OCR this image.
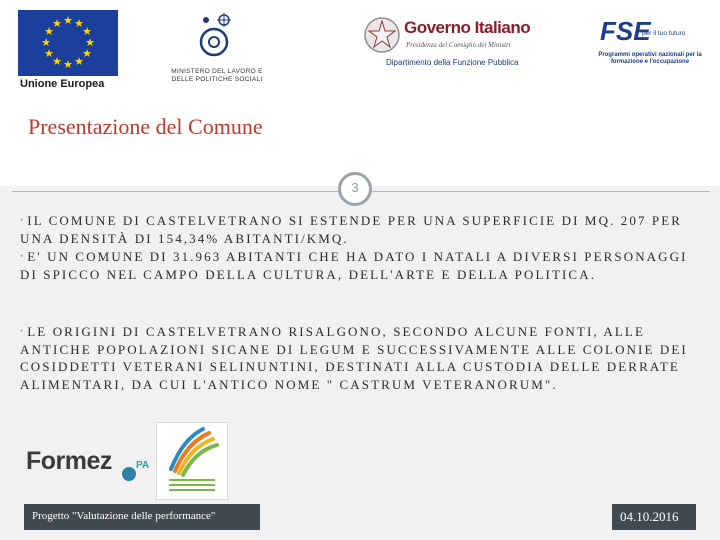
★ ★
★
★
★
★
★
★
★
★
★
★
Unione Europea
MINISTERO DEL LAVORO E DELLE POLITICHE SOCIALI
Governo Italiano
Presidenza del Consiglio dei Ministri
Dipartimento della Funzione Pubblica
FSE
per il tuo futuro
Programmi operativi nazionali per la formazione e l'occupazione
Presentazione del Comune
3
• IL COMUNE DI CASTELVETRANO SI ESTENDE PER UNA SUPERFICIE DI MQ. 207 PER UNA DENSITÀ DI 154,34% ABITANTI/KMQ.
• E' UN COMUNE DI 31.963 ABITANTI CHE HA DATO I NATALI A DIVERSI PERSONAGGI DI SPICCO NEL CAMPO DELLA CULTURA, DELL'ARTE E DELLA POLITICA.
• LE ORIGINI DI CASTELVETRANO RISALGONO, SECONDO ALCUNE FONTI, ALLE ANTICHE POPOLAZIONI SICANE DI LEGUM E SUCCESSIVAMENTE ALLE COLONIE DEI COSIDDETTI VETERANI SELINUNTINI, DESTINATI ALLA CUSTODIA DELLE DERRATE ALIMENTARI, DA CUI L'ANTICO NOME " CASTRUM VETERANORUM".
Formez PA
Progetto "Valutazione delle performance"	04.10.2016
